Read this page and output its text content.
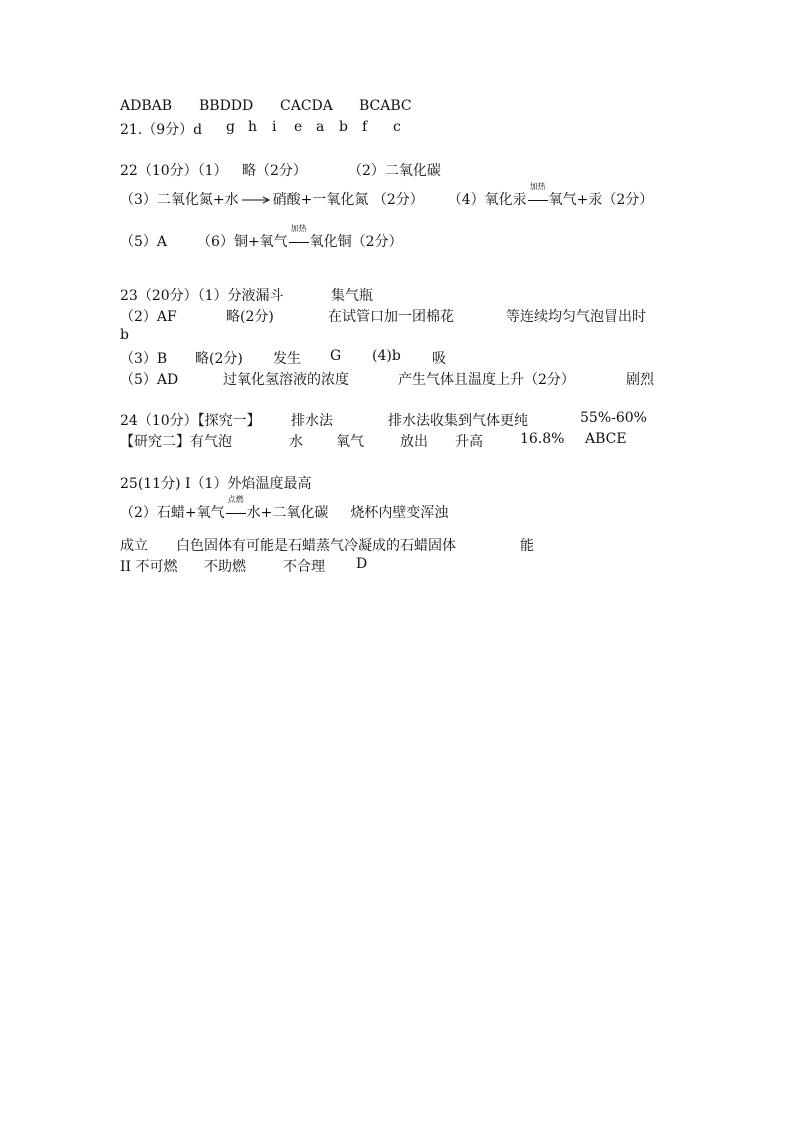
ADBAB BBDDD CACDA BCABC
21.（9分）d g h i e a b f c
22（10分）（1） 略（2分）	（2）二氧化碳
（3）二氧化氮+水 硝酸+一氧化氮 （2分） （4）氧化汞
加热
氧气+汞（2分）
（5）A （6）铜+氧气
加热
氧化铜（2分）
23（20分）（1）分液漏斗	集气瓶
（2）AF	略(2分)	在试管口加一团棉花	等连续均匀气泡冒出时
b
（3）B 略(2分) 发生 G (4)b 吸
（5）AD	过氧化氢溶液的浓度	产生气体且温度上升（2分）	剧烈
24（10分）【探究一】 排水法	排水法收集到气体更纯	55%-60%
【研究二】有气泡	水 氧气	放出 升高	16.8% ABCE
25(11分) I（1）外焰温度最高
（2）石蜡+氧气
点燃
水+二氧化碳 烧杯内壁变浑浊
成立 白色固体有可能是石蜡蒸气冷凝成的石蜡固体	能
II 不可燃 不助燃	不合理 D
